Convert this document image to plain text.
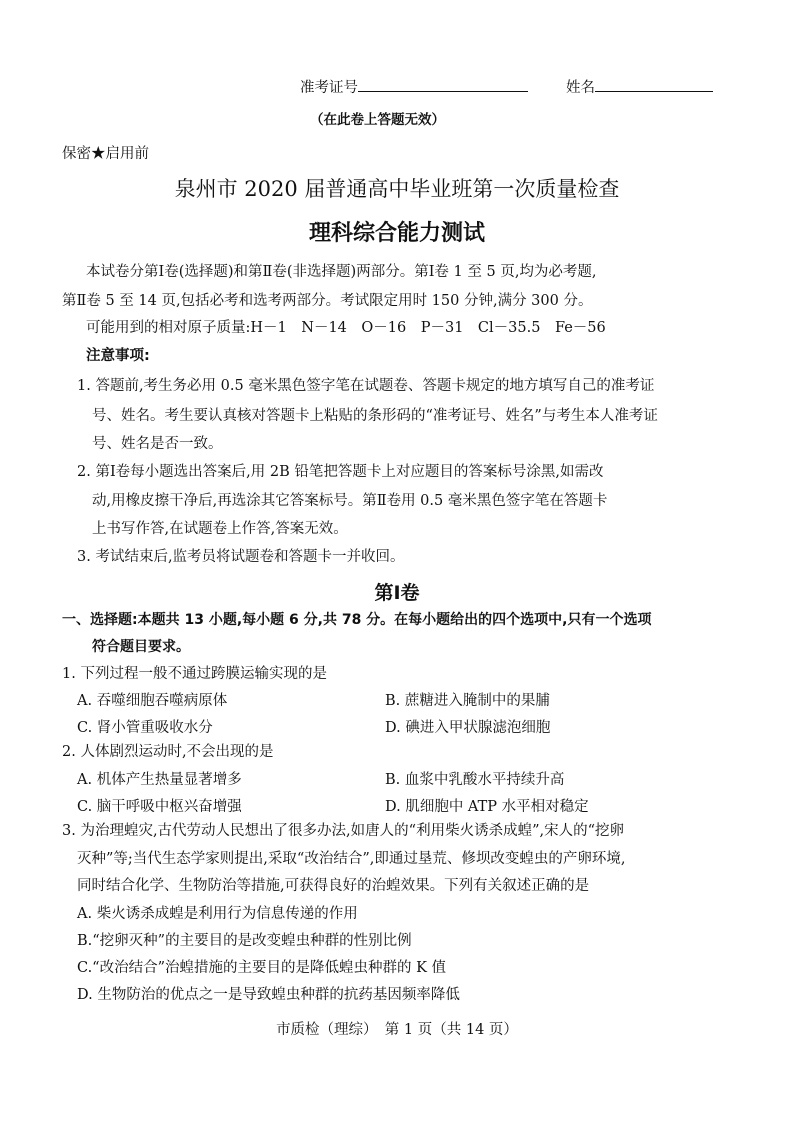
准考证号	姓名
（在此卷上答题无效）
保密★启用前
泉州市 2020 届普通高中毕业班第一次质量检查
理科综合能力测试
本试卷分第Ⅰ卷(选择题)和第Ⅱ卷(非选择题)两部分。第Ⅰ卷 1 至 5 页,均为必考题,
第Ⅱ卷 5 至 14 页,包括必考和选考两部分。考试限定用时 150 分钟,满分 300 分。
可能用到的相对原子质量:H－1　N－14　O－16　P－31　Cl－35.5　Fe－56
注意事项:
1. 答题前,考生务必用 0.5 毫米黑色签字笔在试题卷、答题卡规定的地方填写自己的准考证
号、姓名。考生要认真核对答题卡上粘贴的条形码的“准考证号、姓名”与考生本人准考证
号、姓名是否一致。
2. 第Ⅰ卷每小题选出答案后,用 2B 铅笔把答题卡上对应题目的答案标号涂黑,如需改
动,用橡皮擦干净后,再选涂其它答案标号。第Ⅱ卷用 0.5 毫米黑色签字笔在答题卡
上书写作答,在试题卷上作答,答案无效。
3. 考试结束后,监考员将试题卷和答题卡一并收回。
第Ⅰ卷
一、选择题:本题共 13 小题,每小题 6 分,共 78 分。在每小题给出的四个选项中,只有一个选项
符合题目要求。
1. 下列过程一般不通过跨膜运输实现的是
A. 吞噬细胞吞噬病原体	B. 蔗糖进入腌制中的果脯
C. 肾小管重吸收水分	D. 碘进入甲状腺滤泡细胞
2. 人体剧烈运动时,不会出现的是
A. 机体产生热量显著增多	B. 血浆中乳酸水平持续升高
C. 脑干呼吸中枢兴奋增强	D. 肌细胞中 ATP 水平相对稳定
3. 为治理蝗灾,古代劳动人民想出了很多办法,如唐人的“利用柴火诱杀成蝗”,宋人的“挖卵
灭种”等;当代生态学家则提出,采取“改治结合”,即通过垦荒、修坝改变蝗虫的产卵环境,
同时结合化学、生物防治等措施,可获得良好的治蝗效果。下列有关叙述正确的是
A. 柴火诱杀成蝗是利用行为信息传递的作用
B.“挖卵灭种”的主要目的是改变蝗虫种群的性别比例
C.“改治结合”治蝗措施的主要目的是降低蝗虫种群的 K 值
D. 生物防治的优点之一是导致蝗虫种群的抗药基因频率降低
市质检（理综）　第 1 页（共 14 页）
